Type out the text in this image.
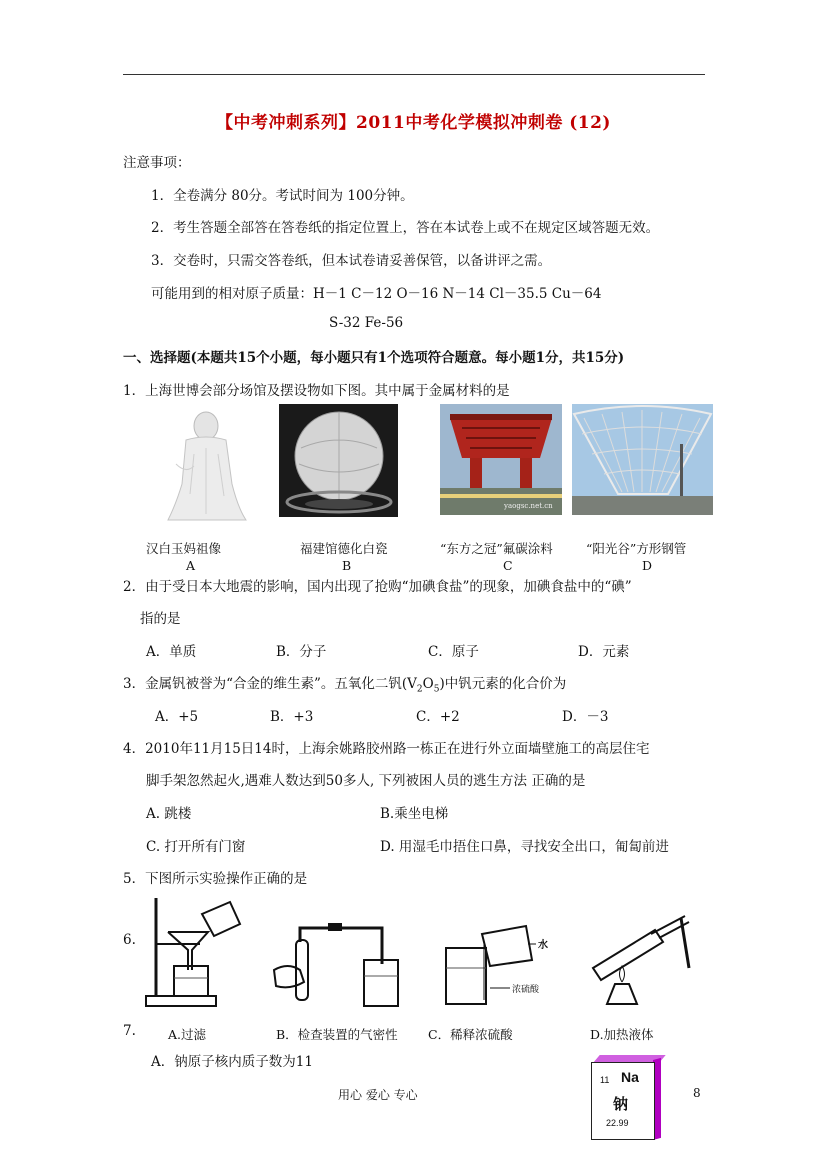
【中考冲刺系列】2011中考化学模拟冲刺卷 (12)
注意事项：
1．全卷满分 80分。考试时间为 100分钟。
2．考生答题全部答在答卷纸的指定位置上，答在本试卷上或不在规定区域答题无效。
3．交卷时，只需交答卷纸，但本试卷请妥善保管，以备讲评之需。
可能用到的相对原子质量：H－1 C－12 O－16 N－14 Cl－35.5 Cu－64
S-32 Fe-56
一、选择题(本题共15个小题，每小题只有1个选项符合题意。每小题1分，共15分)
1．上海世博会部分场馆及摆设物如下图。其中属于金属材料的是
yaogsc.net.cn
汉白玉妈祖像	福建馆德化白瓷	“东方之冠”氟碳涂料	“阳光谷”方形钢管
A	B	C	D
2．由于受日本大地震的影响，国内出现了抢购“加碘食盐”的现象，加碘食盐中的“碘”
指的是
A．单质	B．分子	C．原子	D．元素
3．金属钒被誉为“合金的维生素”。五氧化二钒$(V_2O_5)$中钒元素的化合价为
A．+5	B．+3	C．+2	D．－3
4．2010年11月15日14时，上海余姚路胶州路一栋正在进行外立面墙壁施工的高层住宅
脚手架忽然起火,遇难人数达到50多人, 下列被困人员的逃生方法 正确的是
A. 跳楼	B.乘坐电梯
C. 打开所有门窗	D. 用湿毛巾捂住口鼻，寻找安全出口，匍匐前进
5．下图所示实验操作正确的是
6.	水
浓硫酸
7.	A.过滤	B．检查装置的气密性 C．稀释浓硫酸	D.加热液体
A．钠原子核内质子数为11
11 Na
钠
22.99
用心 爱心 专心	8
